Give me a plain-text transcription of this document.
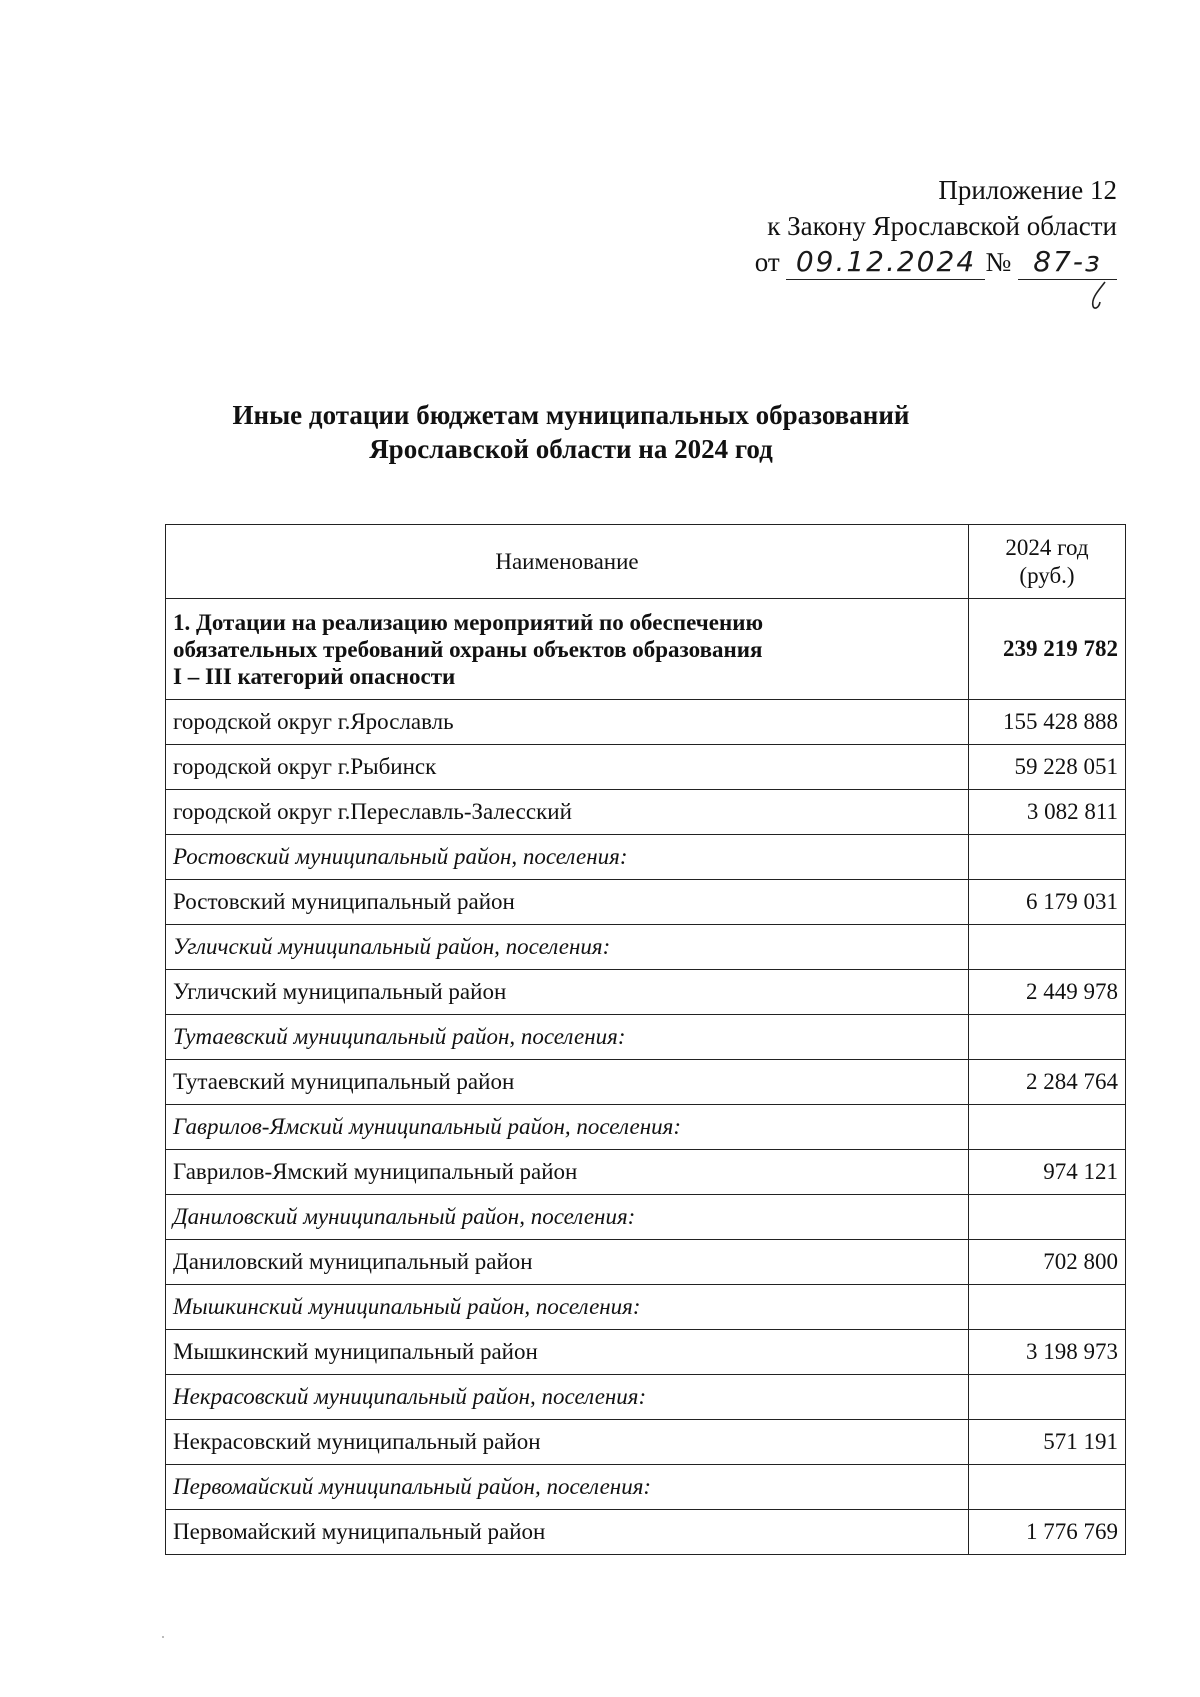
Приложение 12
к Закону Ярославской области
от 09.12.2024 № 87-з
Иные дотации бюджетам муниципальных образований
Ярославской области на 2024 год
Наименование	2024 год
(руб.)

1. Дотации на реализацию мероприятий по обеспечению
обязательных требований охраны объектов образования
I – III категорий опасности	239 219 782
городской округ г.Ярославль	155 428 888
городской округ г.Рыбинск	59 228 051
городской округ г.Переславль-Залесский	3 082 811
Ростовский муниципальный район, поселения:	
Ростовский муниципальный район	6 179 031
Угличский муниципальный район, поселения:	
Угличский муниципальный район	2 449 978
Тутаевский муниципальный район, поселения:	
Тутаевский муниципальный район	2 284 764
Гаврилов-Ямский муниципальный район, поселения:	
Гаврилов-Ямский муниципальный район	974 121
Даниловский муниципальный район, поселения:	
Даниловский муниципальный район	702 800
Мышкинский муниципальный район, поселения:	
Мышкинский муниципальный район	3 198 973
Некрасовский муниципальный район, поселения:	
Некрасовский муниципальный район	571 191
Первомайский муниципальный район, поселения:	
Первомайский муниципальный район	1 776 769
